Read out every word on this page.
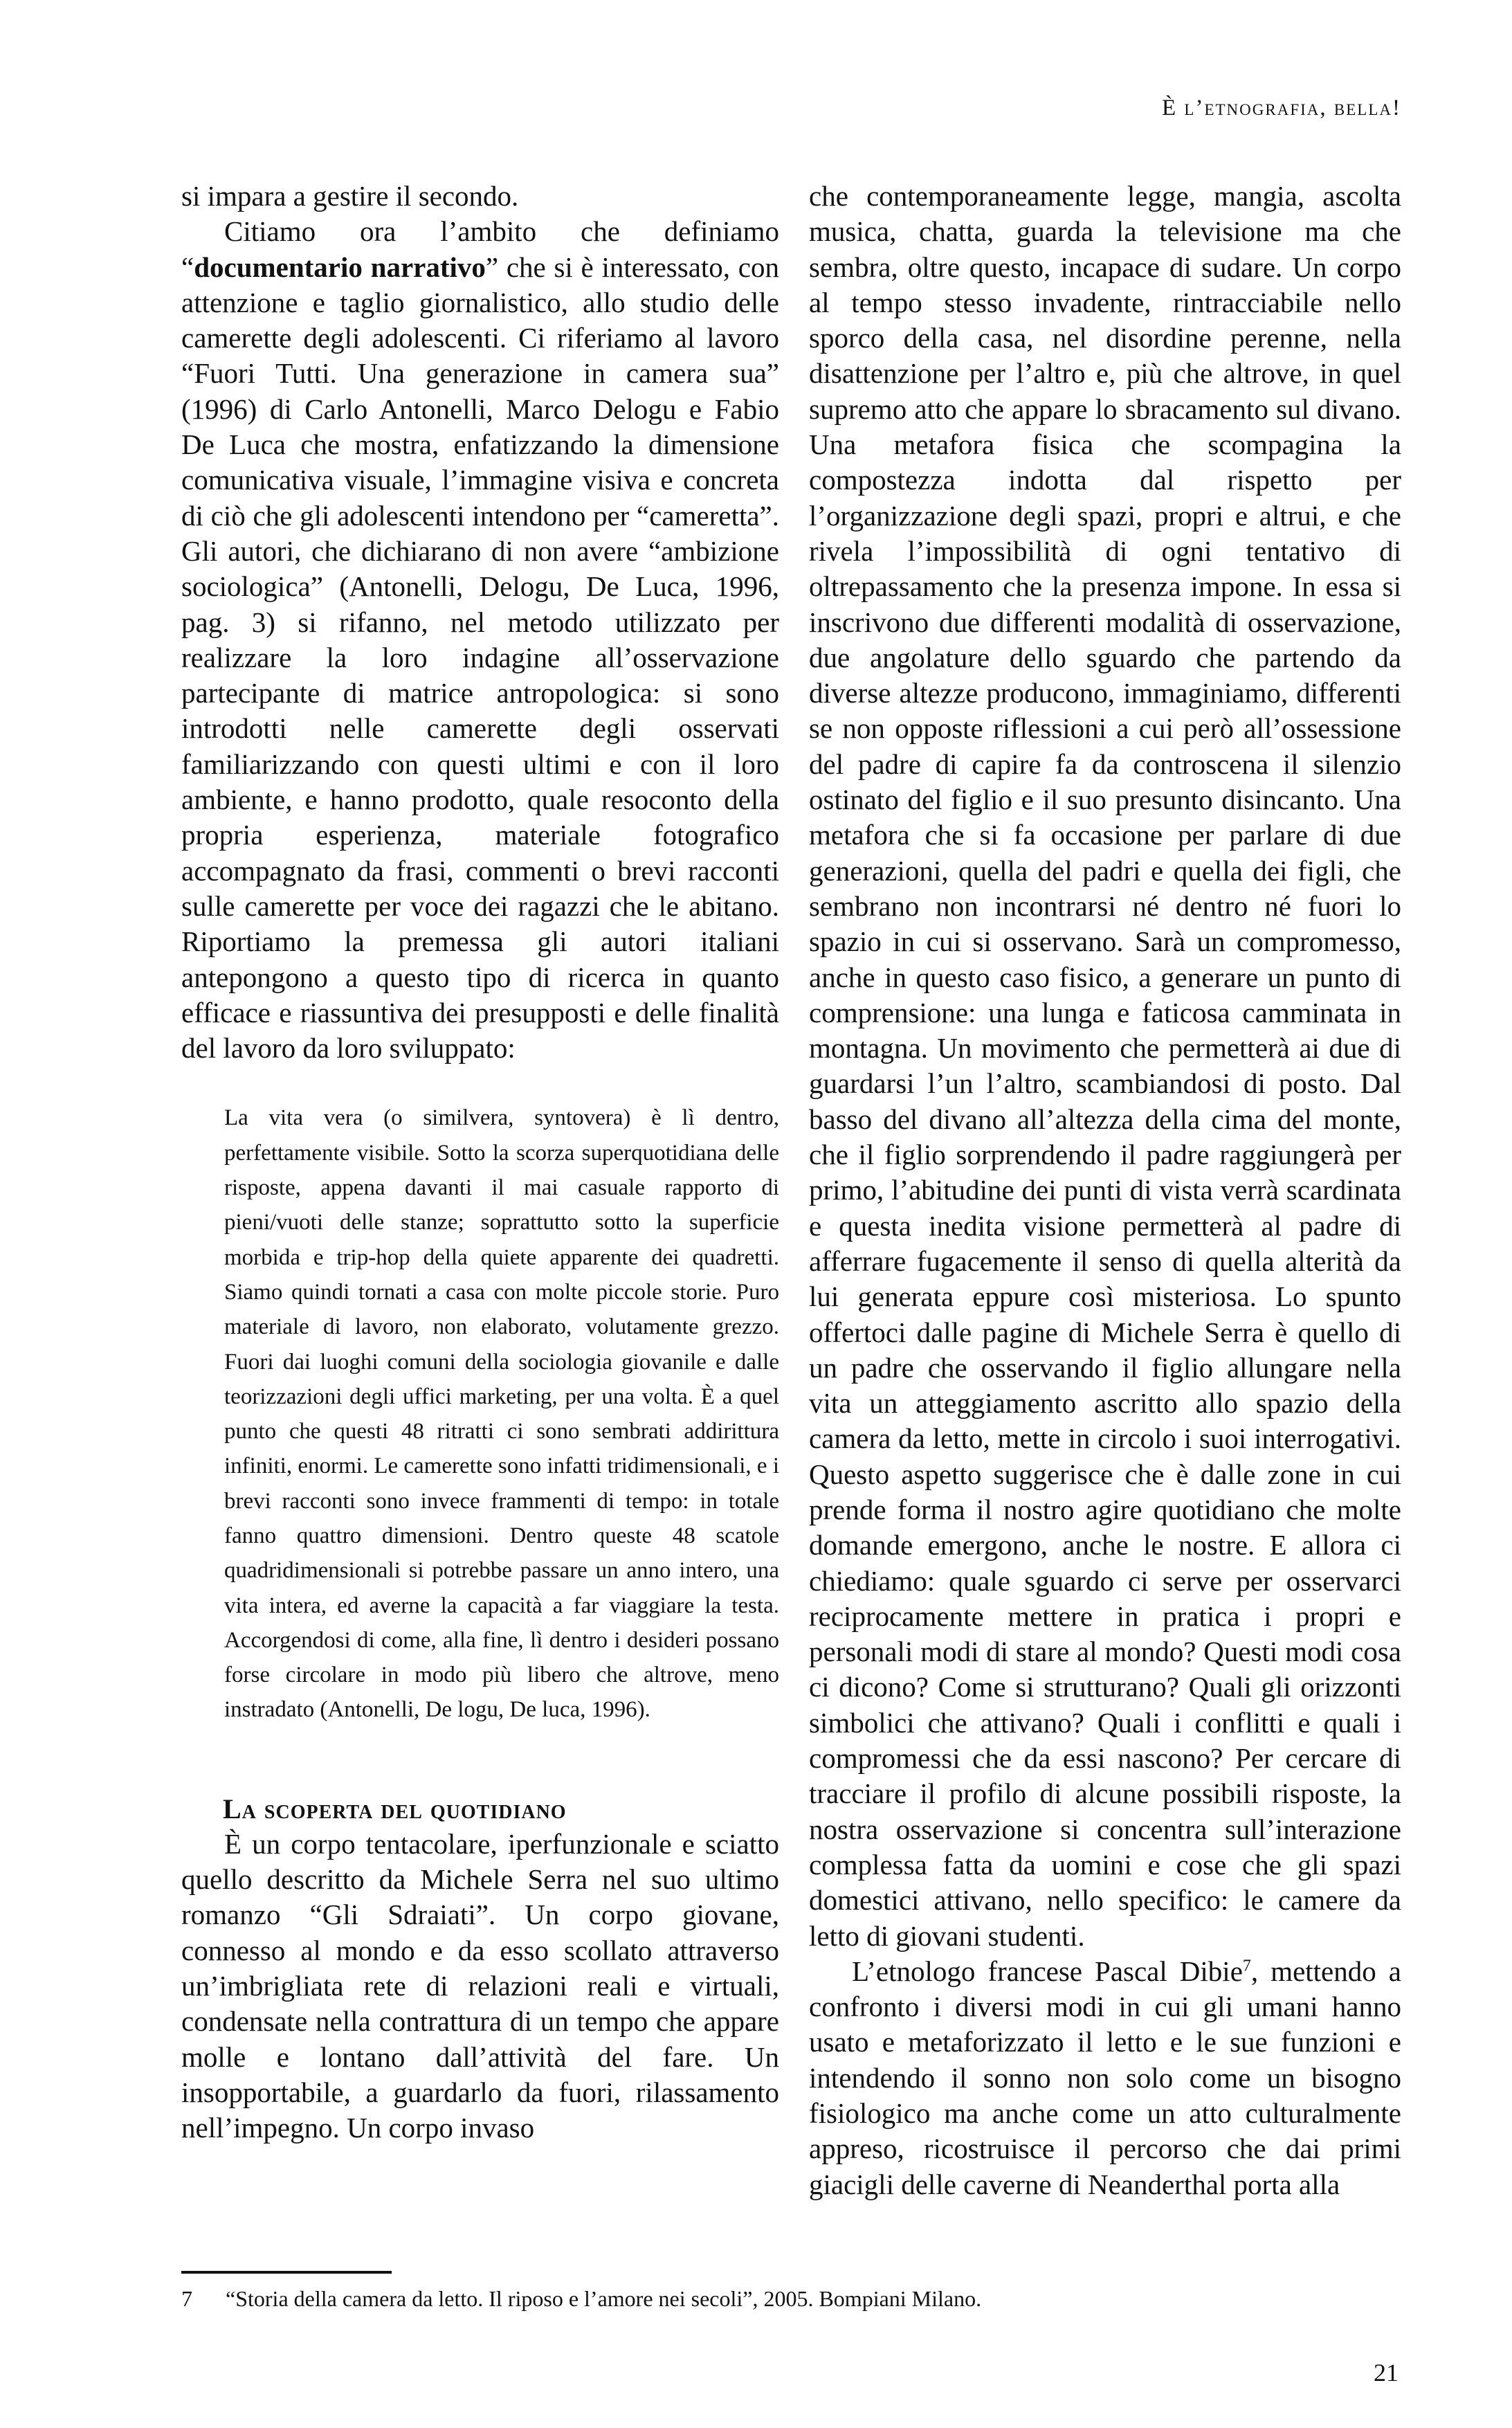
È l’etnografia, bella!

si impara a gestire il secondo.

Citiamo ora l’ambito che definiamo “documentario narrativo” che si è interessato, con attenzione e taglio giornalistico, allo studio delle camerette degli adolescenti. Ci riferiamo al lavoro “Fuori Tutti. Una generazione in camera sua” (1996) di Carlo Antonelli, Marco Delogu e Fabio De Luca che mostra, enfatizzando la dimensione comunicativa visuale, l’immagine visiva e concreta di ciò che gli adolescenti intendono per “cameretta”. Gli autori, che dichiarano di non avere “ambizione sociologica” (Antonelli, Delogu, De Luca, 1996, pag. 3) si rifanno, nel metodo utilizzato per realizzare la loro indagine all’osservazione partecipante di matrice antropologica: si sono introdotti nelle camerette degli osservati familiarizzando con questi ultimi e con il loro ambiente, e hanno prodotto, quale resoconto della propria esperienza, materiale fotografico accompagnato da frasi, commenti o brevi racconti sulle camerette per voce dei ragazzi che le abitano. Riportiamo la premessa gli autori italiani antepongono a questo tipo di ricerca in quanto efficace e riassuntiva dei presupposti e delle finalità del lavoro da loro sviluppato:

La vita vera (o similvera, syntovera) è lì dentro, perfettamente visibile. Sotto la scorza superquotidiana delle risposte, appena davanti il mai casuale rapporto di pieni/vuoti delle stanze; soprattutto sotto la superficie morbida e trip-hop della quiete apparente dei quadretti. Siamo quindi tornati a casa con molte piccole storie. Puro materiale di lavoro, non elaborato, volutamente grezzo. Fuori dai luoghi comuni della sociologia giovanile e dalle teorizzazioni degli uffici marketing, per una volta. È a quel punto che questi 48 ritratti ci sono sembrati addirittura infiniti, enormi. Le camerette sono infatti tridimensionali, e i brevi racconti sono invece frammenti di tempo: in totale fanno quattro dimensioni. Dentro queste 48 scatole quadridimensionali si potrebbe passare un anno intero, una vita intera, ed averne la capacità a far viaggiare la testa. Accorgendosi di come, alla fine, lì dentro i desideri possano forse circolare in modo più libero che altrove, meno instradato (Antonelli, De logu, De luca, 1996).

La scoperta del quotidiano

È un corpo tentacolare, iperfunzionale e sciatto quello descritto da Michele Serra nel suo ultimo romanzo “Gli Sdraiati”. Un corpo giovane, connesso al mondo e da esso scollato attraverso un’imbrigliata rete di relazioni reali e virtuali, condensate nella contrattura di un tempo che appare molle e lontano dall’attività del fare. Un insopportabile, a guardarlo da fuori, rilassamento nell’impegno. Un corpo invaso

che contemporaneamente legge, mangia, ascolta musica, chatta, guarda la televisione ma che sembra, oltre questo, incapace di sudare. Un corpo al tempo stesso invadente, rintracciabile nello sporco della casa, nel disordine perenne, nella disattenzione per l’altro e, più che altrove, in quel supremo atto che appare lo sbracamento sul divano. Una metafora fisica che scompagina la compostezza indotta dal rispetto per l’organizzazione degli spazi, propri e altrui, e che rivela l’impossibilità di ogni tentativo di oltrepassamento che la presenza impone. In essa si inscrivono due differenti modalità di osservazione, due angolature dello sguardo che partendo da diverse altezze producono, immaginiamo, differenti se non opposte riflessioni a cui però all’ossessione del padre di capire fa da controscena il silenzio ostinato del figlio e il suo presunto disincanto. Una metafora che si fa occasione per parlare di due generazioni, quella del padri e quella dei figli, che sembrano non incontrarsi né dentro né fuori lo spazio in cui si osservano. Sarà un compromesso, anche in questo caso fisico, a generare un punto di comprensione: una lunga e faticosa camminata in montagna. Un movimento che permetterà ai due di guardarsi l’un l’altro, scambiandosi di posto. Dal basso del divano all’altezza della cima del monte, che il figlio sorprendendo il padre raggiungerà per primo, l’abitudine dei punti di vista verrà scardinata e questa inedita visione permetterà al padre di afferrare fugacemente il senso di quella alterità da lui generata eppure così misteriosa. Lo spunto offertoci dalle pagine di Michele Serra è quello di un padre che osservando il figlio allungare nella vita un atteggiamento ascritto allo spazio della camera da letto, mette in circolo i suoi interrogativi. Questo aspetto suggerisce che è dalle zone in cui prende forma il nostro agire quotidiano che molte domande emergono, anche le nostre. E allora ci chiediamo: quale sguardo ci serve per osservarci reciprocamente mettere in pratica i propri e personali modi di stare al mondo? Questi modi cosa ci dicono? Come si strutturano? Quali gli orizzonti simbolici che attivano? Quali i conflitti e quali i compromessi che da essi nascono? Per cercare di tracciare il profilo di alcune possibili risposte, la nostra osservazione si concentra sull’interazione complessa fatta da uomini e cose che gli spazi domestici attivano, nello specifico: le camere da letto di giovani studenti.

L’etnologo francese Pascal Dibie$^7$, mettendo a confronto i diversi modi in cui gli umani hanno usato e metaforizzato il letto e le sue funzioni e intendendo il sonno non solo come un bisogno fisiologico ma anche come un atto culturalmente appreso, ricostruisce il percorso che dai primi giacigli delle caverne di Neanderthal porta alla

7 “Storia della camera da letto. Il riposo e l’amore nei secoli”, 2005. Bompiani Milano.
21
